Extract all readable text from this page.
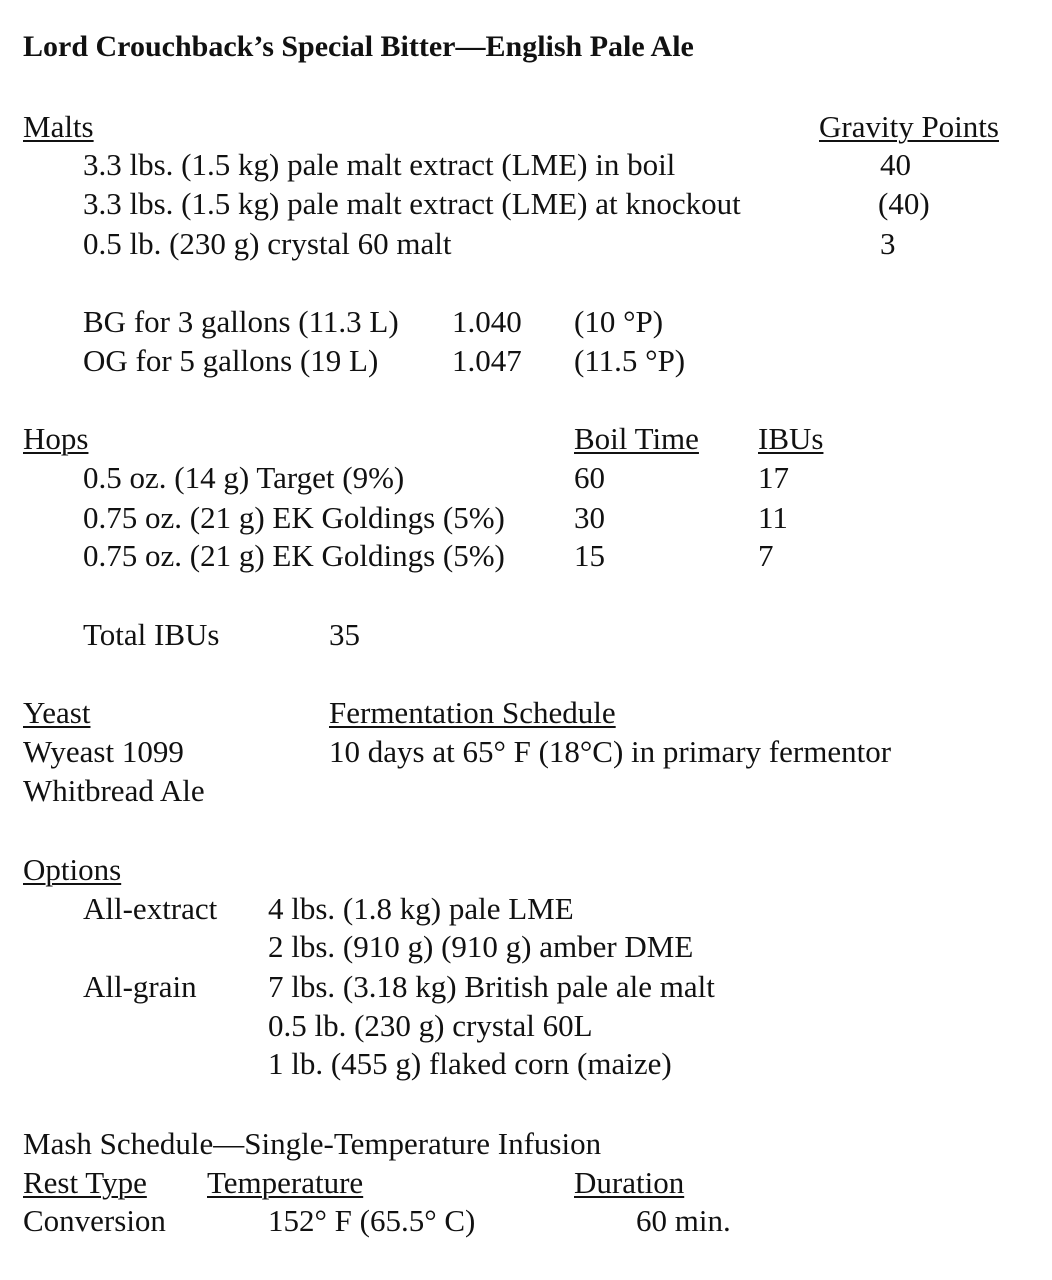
Lord Crouchback’s Special Bitter—English Pale Ale
Malts	Gravity Points
3.3 lbs. (1.5 kg) pale malt extract (LME) in boil	40
3.3 lbs. (1.5 kg) pale malt extract (LME) at knockout	(40)
0.5 lb. (230 g) crystal 60 malt	3
BG for 3 gallons (11.3 L) 1.040 (10 °P)
OG for 5 gallons (19 L) 1.047 (11.5 °P)
Hops	Boil Time IBUs
0.5 oz. (14 g) Target (9%)	60	17
0.75 oz. (21 g) EK Goldings (5%) 30	11
0.75 oz. (21 g) EK Goldings (5%) 15	7
Total IBUs	35
Yeast	Fermentation Schedule
Wyeast 1099	10 days at 65° F (18°C) in primary fermentor
Whitbread Ale
Options
All-extract 4 lbs. (1.8 kg) pale LME
2 lbs. (910 g) (910 g) amber DME
All-grain 7 lbs. (3.18 kg) British pale ale malt
0.5 lb. (230 g) crystal 60L
1 lb. (455 g) flaked corn (maize)
Mash Schedule—Single-Temperature Infusion
Rest Type Temperature	Duration
Conversion	152° F (65.5° C)	60 min.
